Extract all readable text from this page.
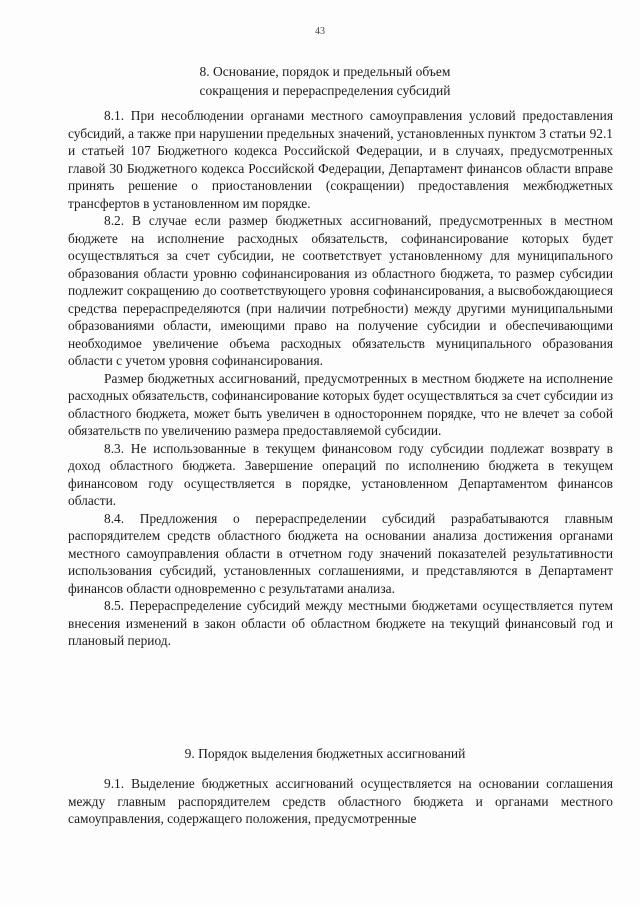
43
8. Основание, порядок и предельный объем
сокращения и перераспределения субсидий

8.1. При несоблюдении органами местного самоуправления условий предоставления субсидий, а также при нарушении предельных значений, установленных пунктом 3 статьи 92.1 и статьей 107 Бюджетного кодекса Российской Федерации, и в случаях, предусмотренных главой 30 Бюджетного кодекса Российской Федерации, Департамент финансов области вправе принять решение о приостановлении (сокращении) предоставления межбюджетных трансфертов в установленном им порядке.

8.2. В случае если размер бюджетных ассигнований, предусмотренных в местном бюджете на исполнение расходных обязательств, софинансирование которых будет осуществляться за счет субсидии, не соответствует установленному для муниципального образования области уровню софинансирования из областного бюджета, то размер субсидии подлежит сокращению до соответствующего уровня софинансирования, а высвобождающиеся средства перераспределяются (при наличии потребности) между другими муниципальными образованиями области, имеющими право на получение субсидии и обеспечивающими необходимое увеличение объема расходных обязательств муниципального образования области с учетом уровня софинансирования.

Размер бюджетных ассигнований, предусмотренных в местном бюджете на исполнение расходных обязательств, софинансирование которых будет осуществляться за счет субсидии из областного бюджета, может быть увеличен в одностороннем порядке, что не влечет за собой обязательств по увеличению размера предоставляемой субсидии.

8.3. Не использованные в текущем финансовом году субсидии подлежат возврату в доход областного бюджета. Завершение операций по исполнению бюджета в текущем финансовом году осуществляется в порядке, установленном Департаментом финансов области.

8.4. Предложения о перераспределении субсидий разрабатываются главным распорядителем средств областного бюджета на основании анализа достижения органами местного самоуправления области в отчетном году значений показателей результативности использования субсидий, установленных соглашениями, и представляются в Департамент финансов области одновременно с результатами анализа.

8.5. Перераспределение субсидий между местными бюджетами осуществляется путем внесения изменений в закон области об областном бюджете на текущий финансовый год и плановый период.

9. Порядок выделения бюджетных ассигнований

9.1. Выделение бюджетных ассигнований осуществляется на основании соглашения между главным распорядителем средств областного бюджета и органами местного самоуправления, содержащего положения, предусмотренные
